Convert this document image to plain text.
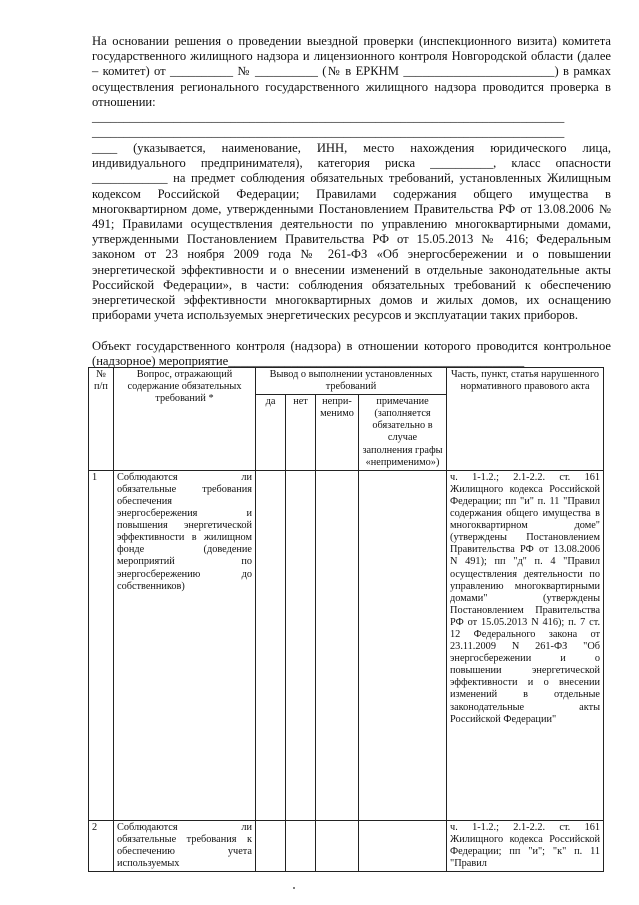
На основании решения о проведении выездной проверки (инспекционного визита) комитета государственного жилищного надзора и лицензионного контроля Новгородской области (далее – комитет) от __________ № __________ (№ в ЕРКНМ ________________________) в рамках осуществления регионального государственного жилищного надзора проводится проверка в отношении: ___________________________________________________________________________ ___________________________________________________________________________

____ (указывается, наименование, ИНН, место нахождения юридического лица, индивидуального предпринимателя), категория риска __________, класс опасности ____________ на предмет соблюдения обязательных требований, установленных Жилищным кодексом Российской Федерации; Правилами содержания общего имущества в многоквартирном доме, утвержденными Постановлением Правительства РФ от 13.08.2006 № 491; Правилами осуществления деятельности по управлению многоквартирными домами, утвержденными Постановлением Правительства РФ от 15.05.2013 № 416; Федеральным законом от 23 ноября 2009 года № 261-ФЗ «Об энергосбережении и о повышении энергетической эффективности и о внесении изменений в отдельные законодательные акты Российской Федерации», в части: соблюдения обязательных требований к обеспечению энергетической эффективности многоквартирных домов и жилых домов, их оснащению приборами учета используемых энергетических ресурсов и эксплуатации таких приборов.

Объект государственного контроля (надзора) в отношении которого проводится контрольное (надзорное) мероприятие_______________________________________________

№ п/п	Вопрос, отражающий содержание обязательных требований *	Вывод о выполнении установленных требований				Часть, пункт, статья нарушенного нормативного правового акта
		да	нет	непри-менимо	примечание (заполняется обязательно в случае заполнения графы «неприменимо»)	
1	Соблюдаются ли обязательные требования обеспечения энергосбережения и повышения энергетической эффективности в жилищном фонде (доведение мероприятий по энергосбережению до собственников)					ч. 1-1.2.; 2.1-2.2. ст. 161 Жилищного кодекса Российской Федерации; пп "и" п. 11 "Правил содержания общего имущества в многоквартирном доме" (утверждены Постановлением Правительства РФ от 13.08.2006 N 491); пп "д" п. 4 "Правил осуществления деятельности по управлению многоквартирными домами" (утверждены Постановлением Правительства РФ от 15.05.2013 N 416); п. 7 ст. 12 Федерального закона от 23.11.2009 N 261-ФЗ "Об энергосбережении и о повышении энергетической эффективности и о внесении изменений в отдельные законодательные акты Российской Федерации"
2	Соблюдаются ли обязательные требования к обеспечению учета используемых					ч. 1-1.2.; 2.1-2.2. ст. 161 Жилищного кодекса Российской Федерации; пп "и"; "к" п. 11 "Правил
